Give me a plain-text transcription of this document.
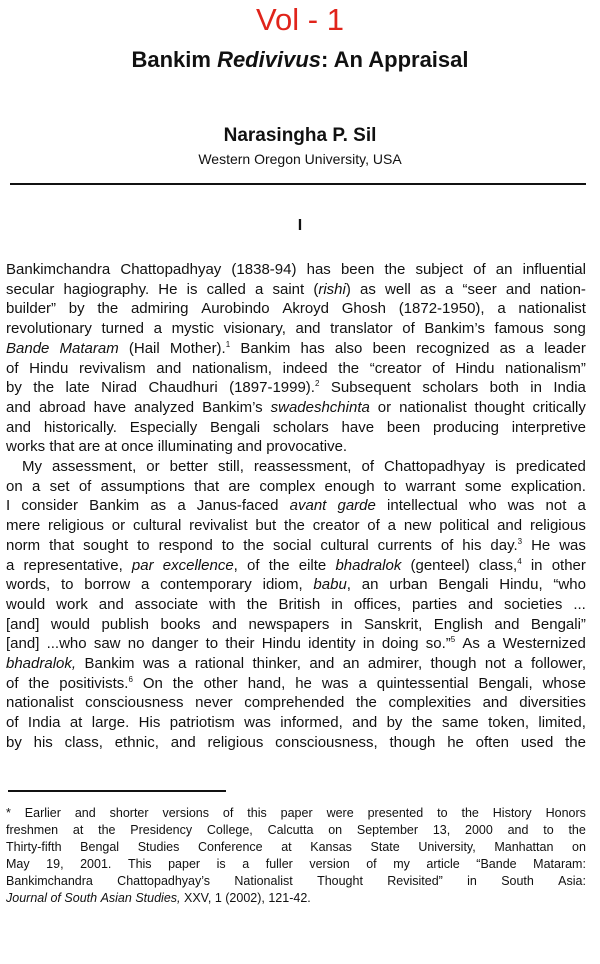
Vol - 1
Bankim Redivivus: An Appraisal
Narasingha P. Sil
Western Oregon University, USA
I
Bankimchandra Chattopadhyay (1838-94) has been the subject of an influential
secular hagiography. He is called a saint (rishi) as well as a “seer and nation-
builder” by the admiring Aurobindo Akroyd Ghosh (1872-1950), a nationalist
revolutionary turned a mystic visionary, and translator of Bankim’s famous song
Bande Mataram (Hail Mother).$^1$ Bankim has also been recognized as a leader
of Hindu revivalism and nationalism, indeed the “creator of Hindu nationalism”
by the late Nirad Chaudhuri (1897-1999).$^2$ Subsequent scholars both in India
and abroad have analyzed Bankim’s swadeshchinta or nationalist thought critically
and historically. Especially Bengali scholars have been producing interpretive
works
that
are
at
once
illuminating
and
provocative.

My assessment, or better still, reassessment, of Chattopadhyay is predicated
on a set of assumptions that are complex enough to warrant some explication.
I consider Bankim as a Janus-faced avant garde intellectual who was not a
mere religious or cultural revivalist but the creator of a new political and religious
norm that sought to respond to the social cultural currents of his day.$^3$ He was
a representative, par excellence, of the eilte bhadralok (genteel) class,$^4$ in other
words, to borrow a contemporary idiom, babu, an urban Bengali Hindu, “who
would work and associate with the British in offices, parties and societies ...
[and] would publish books and newspapers in Sanskrit, English and Bengali”
[and] ...who saw no danger to their Hindu identity in doing so.”$^5$ As a Westernized
bhadralok, Bankim was a rational thinker, and an admirer, though not a follower,
of the positivists.$^6$ On the other hand, he was a quintessential Bengali, whose
nationalist consciousness never comprehended the complexities and diversities
of India at large. His patriotism was informed, and by the same token, limited,
by his class, ethnic, and religious consciousness, though he often used the
* Earlier and shorter versions of this paper were presented to the History Honors
freshmen at the Presidency College, Calcutta on September 13, 2000 and to the
Thirty-fifth Bengal Studies Conference at Kansas State University, Manhattan on
May 19, 2001. This paper is a fuller version of my article “Bande Mataram:
Bankimchandra Chattopadhyay’s Nationalist Thought Revisited” in South Asia:
Journal
of
South
Asian
Studies,
XXV,
1
(2002),
121-42.
